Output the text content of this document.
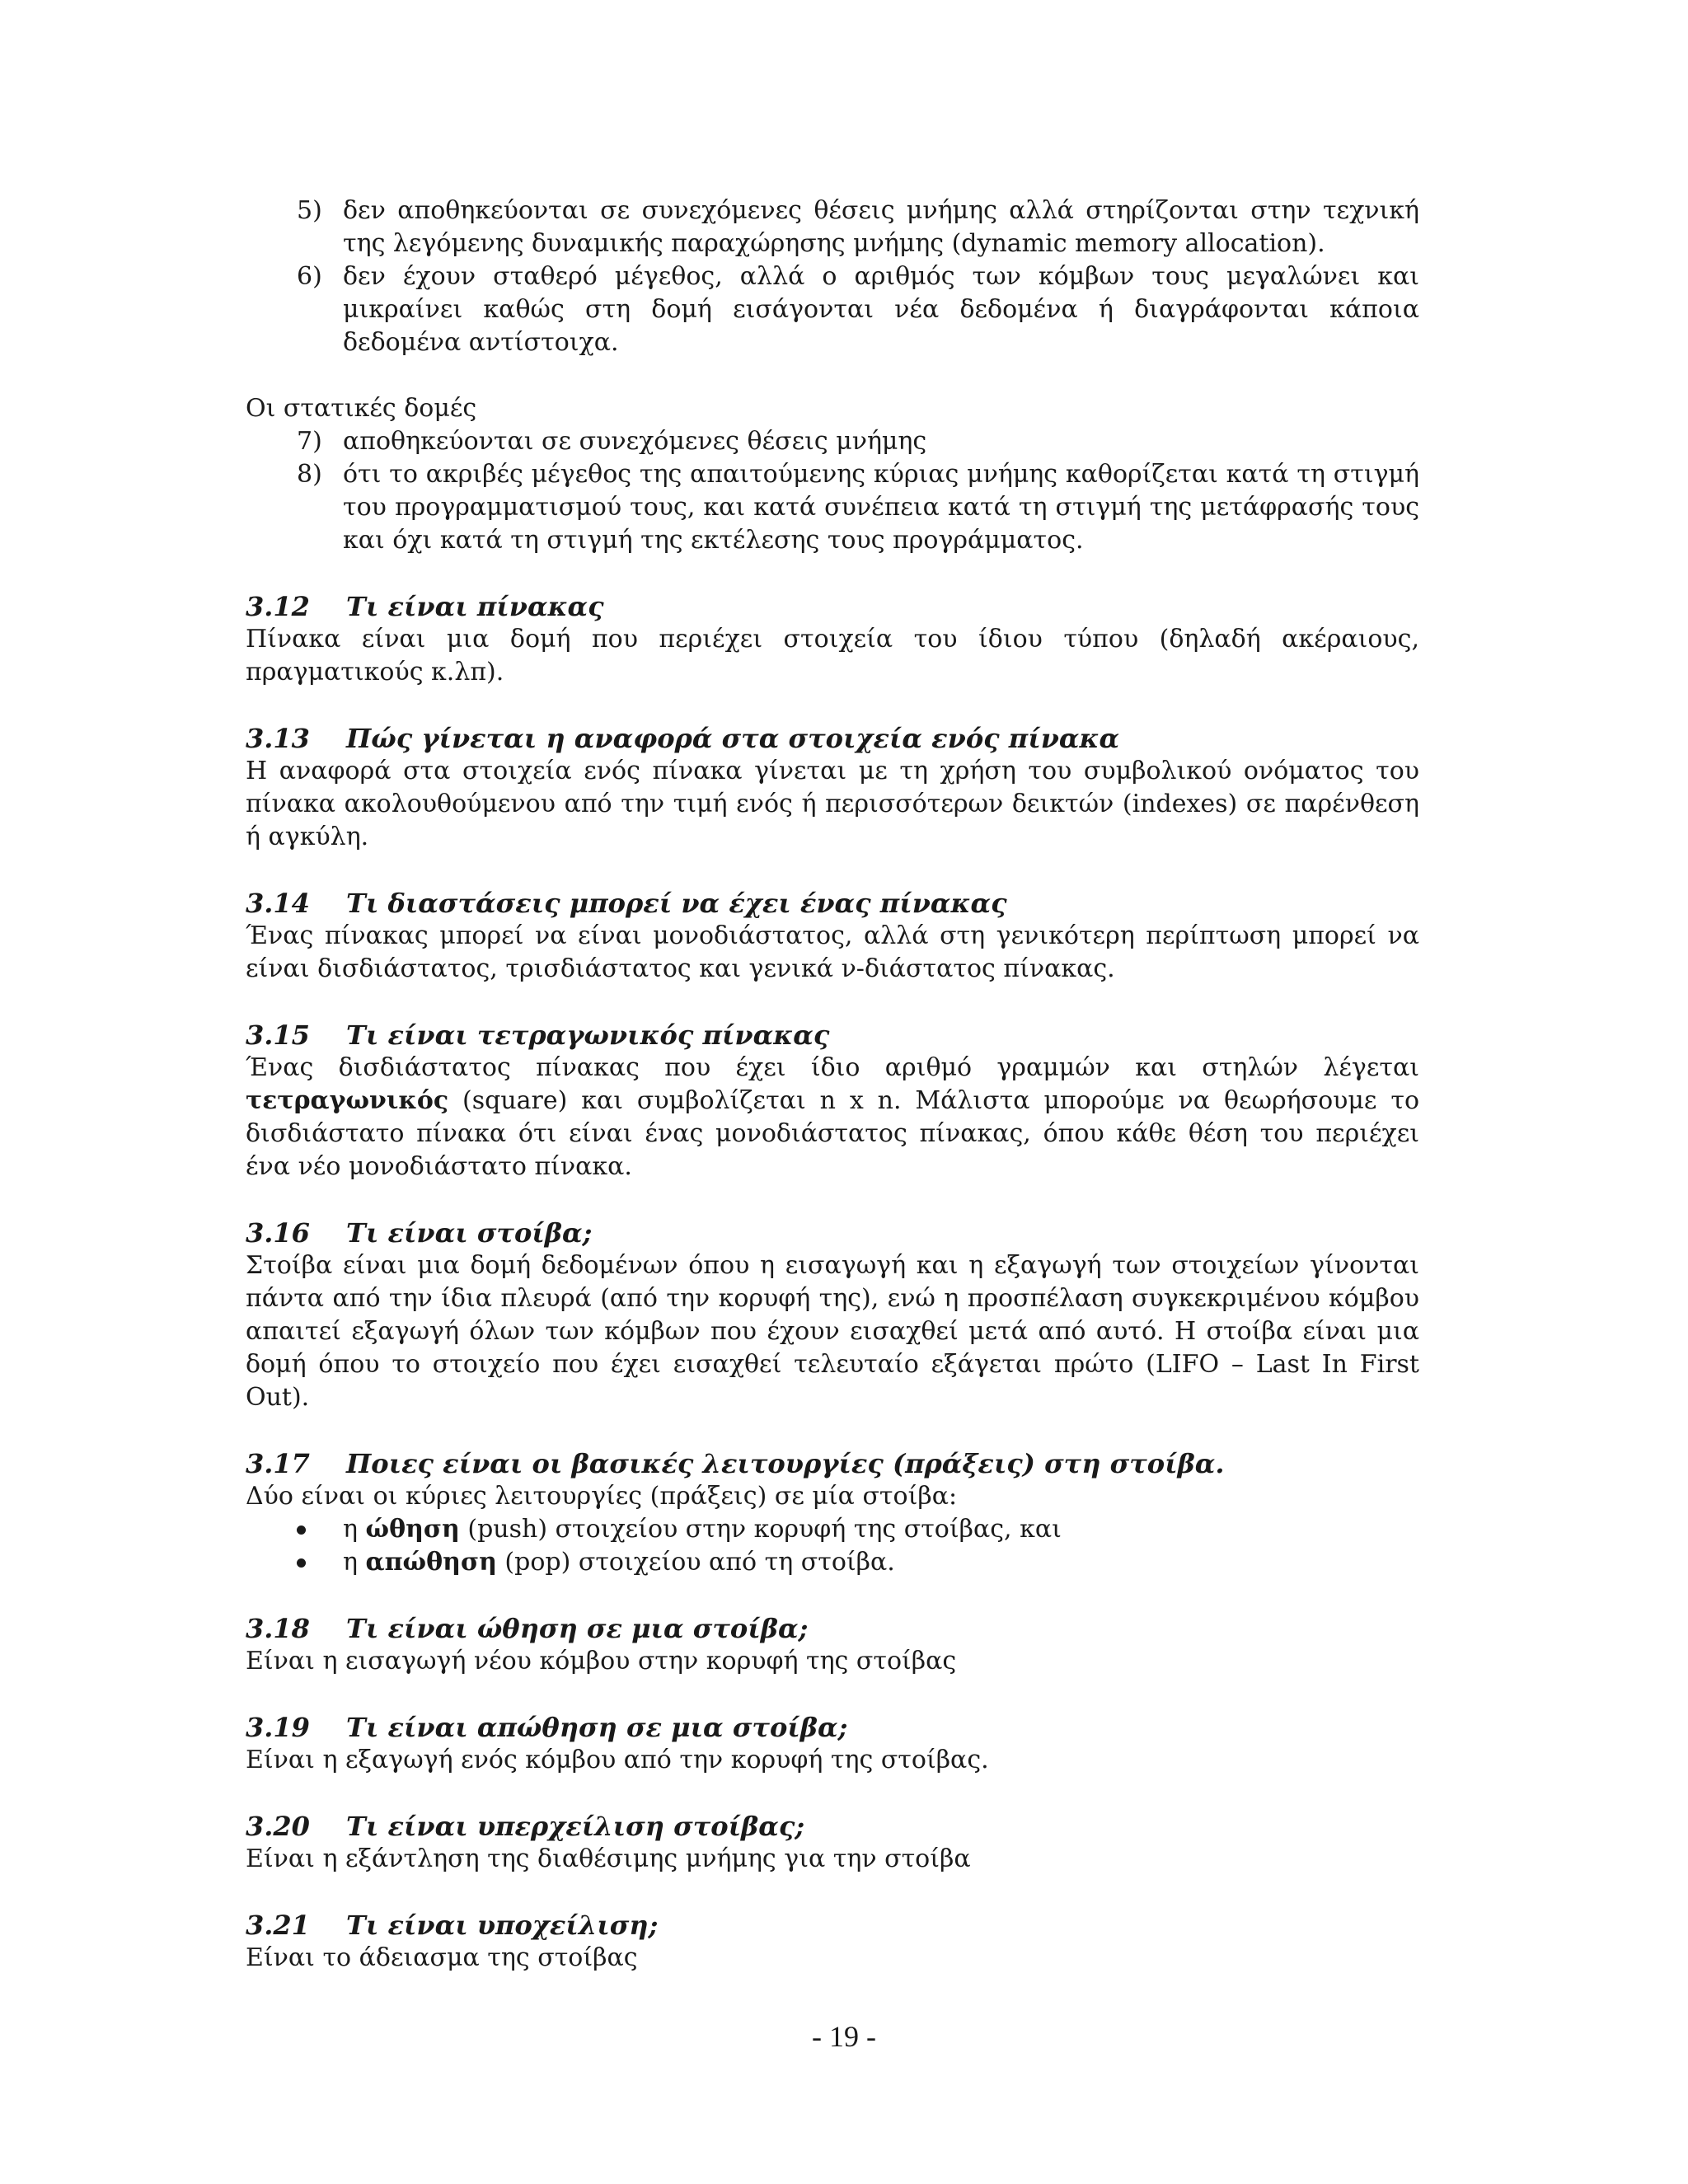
5) δεν αποθηκεύονται σε συνεχόμενες θέσεις μνήμης αλλά στηρίζονται στην τεχνική της λεγόμενης δυναμικής παραχώρησης μνήμης (dynamic memory allocation).
6) δεν έχουν σταθερό μέγεθος, αλλά ο αριθμός των κόμβων τους μεγαλώνει και μικραίνει καθώς στη δομή εισάγονται νέα δεδομένα ή διαγράφονται κάποια δεδομένα αντίστοιχα.

Οι στατικές δομές

7) αποθηκεύονται σε συνεχόμενες θέσεις μνήμης
8) ότι το ακριβές μέγεθος της απαιτούμενης κύριας μνήμης καθορίζεται κατά τη στιγμή του προγραμματισμού τους, και κατά συνέπεια κατά τη στιγμή της μετάφρασής τους και όχι κατά τη στιγμή της εκτέλεσης τους προγράμματος.

3.12 Τι είναι πίνακας

Πίνακα είναι μια δομή που περιέχει στοιχεία του ίδιου τύπου (δηλαδή ακέραιους, πραγματικούς κ.λπ).

3.13 Πώς γίνεται η αναφορά στα στοιχεία ενός πίνακα

Η αναφορά στα στοιχεία ενός πίνακα γίνεται με τη χρήση του συμβολικού ονόματος του πίνακα ακολουθούμενου από την τιμή ενός ή περισσότερων δεικτών (indexes) σε παρένθεση ή αγκύλη.

3.14 Τι διαστάσεις μπορεί να έχει ένας πίνακας

Ένας πίνακας μπορεί να είναι μονοδιάστατος, αλλά στη γενικότερη περίπτωση μπορεί να είναι δισδιάστατος, τρισδιάστατος και γενικά ν-διάστατος πίνακας.

3.15 Τι είναι τετραγωνικός πίνακας

Ένας δισδιάστατος πίνακας που έχει ίδιο αριθμό γραμμών και στηλών λέγεται τετραγωνικός (square) και συμβολίζεται n x n. Μάλιστα μπορούμε να θεωρήσουμε το δισδιάστατο πίνακα ότι είναι ένας μονοδιάστατος πίνακας, όπου κάθε θέση του περιέχει ένα νέο μονοδιάστατο πίνακα.

3.16 Τι είναι στοίβα;

Στοίβα είναι μια δομή δεδομένων όπου η εισαγωγή και η εξαγωγή των στοιχείων γίνονται πάντα από την ίδια πλευρά (από την κορυφή της), ενώ η προσπέλαση συγκεκριμένου κόμβου απαιτεί εξαγωγή όλων των κόμβων που έχουν εισαχθεί μετά από αυτό. Η στοίβα είναι μια δομή όπου το στοιχείο που έχει εισαχθεί τελευταίο εξάγεται πρώτο (LIFO – Last In First Out).

3.17 Ποιες είναι οι βασικές λειτουργίες (πράξεις) στη στοίβα.

Δύο είναι οι κύριες λειτουργίες (πράξεις) σε μία στοίβα:

η ώθηση (push) στοιχείου στην κορυφή της στοίβας, και
η απώθηση (pop) στοιχείου από τη στοίβα.

3.18 Τι είναι ώθηση σε μια στοίβα;

Είναι η εισαγωγή νέου κόμβου στην κορυφή της στοίβας

3.19 Τι είναι απώθηση σε μια στοίβα;

Είναι η εξαγωγή ενός κόμβου από την κορυφή της στοίβας.

3.20 Τι είναι υπερχείλιση στοίβας;

Είναι η εξάντληση της διαθέσιμης μνήμης για την στοίβα

3.21 Τι είναι υποχείλιση;

Είναι το άδειασμα της στοίβας

- 19 -
